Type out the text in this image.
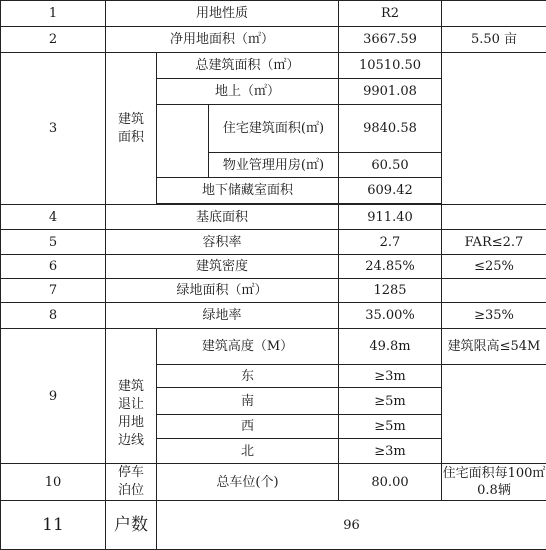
1	用地性质			R2	
2	净用地面积（㎡）			3667.59	5.50 亩
3	建筑面积	总建筑面积（㎡）		10510.50	
		地上（㎡）		9901.08	
			住宅建筑面积(㎡)	9840.58	
			物业管理用房(㎡)	60.50	
		地下储藏室面积		609.42	

4	基底面积			911.40	
5	容积率			2.7	FAR≤2.7
6	建筑密度			24.85%	≤25%
7	绿地面积（㎡）			1285	
8	绿地率			35.00%	≥35%
9	建筑退让用地边线	建筑高度（M）		49.8m	建筑限高≤54M
		东		≥3m	
		南		≥5m	
		西		≥5m	
		北		≥3m	
10	停车泊位	总车位(个)		80.00	住宅面积每100㎡0.8辆
11	户数	96			
